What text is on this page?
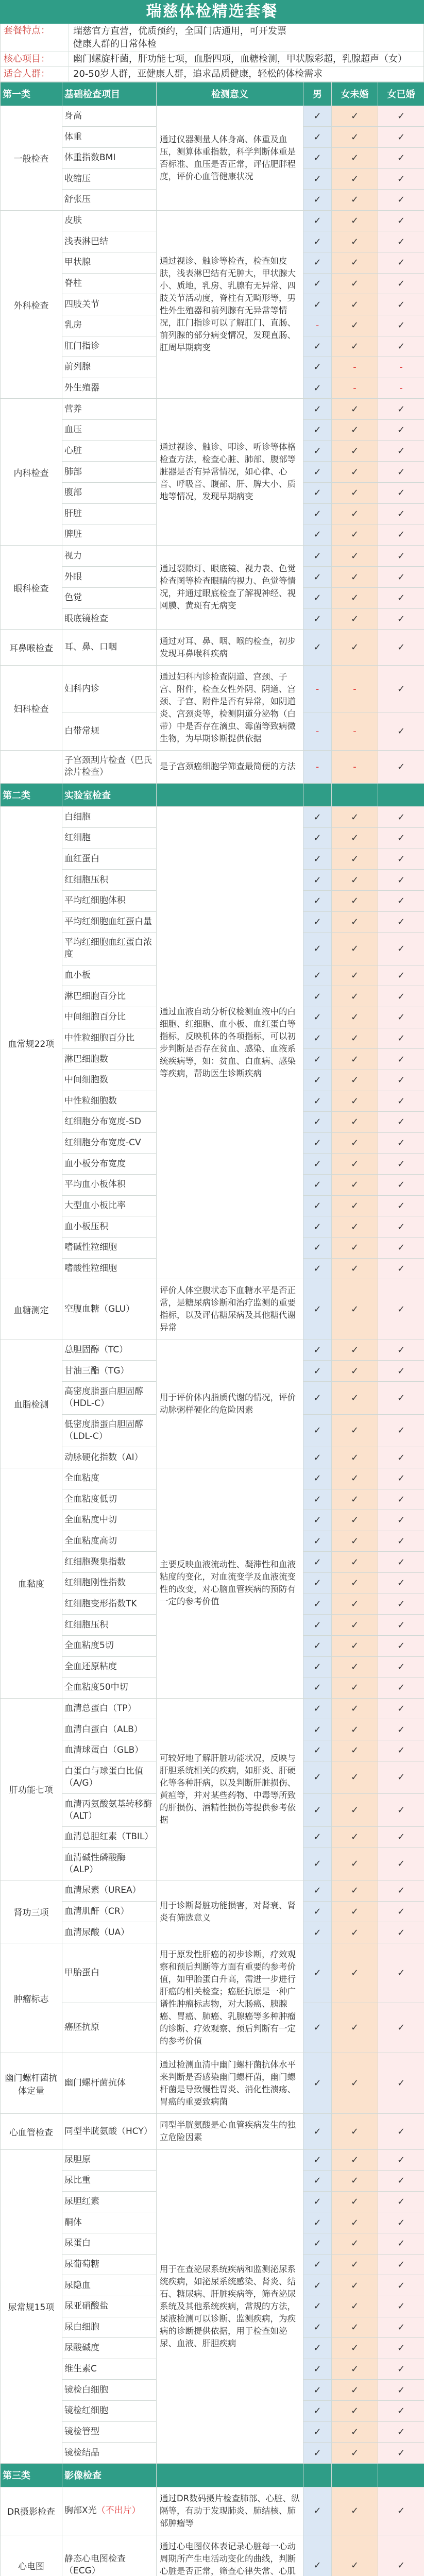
瑞慈体检精选套餐
套餐特点：	瑞慈官方直营，优质预约，全国门店通用，可开发票
健康人群的日常体检
核心项目：	幽门螺旋杆菌，肝功能七项，血脂四项，血糖检测，甲状腺彩超，乳腺超声（女）
适合人群：	20-50岁人群，亚健康人群，追求品质健康，轻松的体检需求
第一类	基础检查项目	检测意义	男	女未婚	女已婚
一般检查	身高	通过仪器测量人体身高、体重及血压，测算体重指数，科学判断体重是否标准、血压是否正常，评估肥胖程度，评价心血管健康状况	✓	✓	✓
	体重		✓	✓	✓
	体重指数BMI		✓	✓	✓
	收缩压		✓	✓	✓
	舒张压		✓	✓	✓
外科检查	皮肤	通过视诊、触诊等检查，检查如皮肤，浅表淋巴结有无肿大，甲状腺大小、质地，乳房、乳腺有无异常、四肢关节活动度，脊柱有无畸形等，男性外生殖器和前列腺有无异常等情况，肛门指诊可以了解肛门、直肠、前列腺的部分病变情况，发现直肠、肛周早期病变	✓	✓	✓
	浅表淋巴结		✓	✓	✓
	甲状腺		✓	✓	✓
	脊柱		✓	✓	✓
	四肢关节		✓	✓	✓
	乳房		-	✓	✓
	肛门指诊		✓	✓	✓
	前列腺		✓	-	-
	外生殖器		✓	-	-
内科检查	营养	通过视诊、触诊、叩诊、听诊等体格检查方法，检查心脏、肺部、腹部等脏器是否有异常情况，如心律、心音、呼吸音、腹部、肝、脾大小、质地等情况，发现早期病变	✓	✓	✓
	血压		✓	✓	✓
	心脏		✓	✓	✓
	肺部		✓	✓	✓
	腹部		✓	✓	✓
	肝脏		✓	✓	✓
	脾脏		✓	✓	✓
眼科检查	视力	通过裂隙灯、眼底镜、视力表、色觉检查图等检查眼睛的视力、色觉等情况，并通过眼底检查了解视神经、视网膜、黄斑有无病变	✓	✓	✓
	外眼		✓	✓	✓
	色觉		✓	✓	✓
	眼底镜检查		✓	✓	✓
耳鼻喉检查	耳、鼻、口咽	通过对耳、鼻、咽、喉的检查，初步发现耳鼻喉科疾病	✓	✓	✓
妇科检查	妇科内诊	通过妇科内诊检查阴道、宫颈、子宫、附件，检查女性外阴、阴道、宫颈、子宫、附件是否有异常，如阴道炎、宫颈炎等，检测阴道分泌物（白带）中是否存在滴虫、霉菌等致病微生物，为早期诊断提供依据	-	-	✓
	白带常规		-	-	✓
	子宫颈刮片检查（巴氏涂片检查）	是子宫颈癌细胞学筛查最简便的方法	-	-	✓
第二类	实验室检查				
血常规22项	白细胞	通过血液自动分析仪检测血液中的白细胞、红细胞、血小板、血红蛋白等指标，反映机体的各项指标，可以初步判断是否存在贫血、感染、血液系统疾病等，如：贫血、白血病、感染等疾病，帮助医生诊断疾病	✓	✓	✓
	红细胞		✓	✓	✓
	血红蛋白		✓	✓	✓
	红细胞压积		✓	✓	✓
	平均红细胞体积		✓	✓	✓
	平均红细胞血红蛋白量		✓	✓	✓
	平均红细胞血红蛋白浓度		✓	✓	✓
	血小板		✓	✓	✓
	淋巴细胞百分比		✓	✓	✓
	中间细胞百分比		✓	✓	✓
	中性粒细胞百分比		✓	✓	✓
	淋巴细胞数		✓	✓	✓
	中间细胞数		✓	✓	✓
	中性粒细胞数		✓	✓	✓
	红细胞分布宽度-SD		✓	✓	✓
	红细胞分布宽度-CV		✓	✓	✓
	血小板分布宽度		✓	✓	✓
	平均血小板体积		✓	✓	✓
	大型血小板比率		✓	✓	✓
	血小板压积		✓	✓	✓
	嗜碱性粒细胞		✓	✓	✓
	嗜酸性粒细胞		✓	✓	✓
血糖测定	空腹血糖（GLU）	评价人体空腹状态下血糖水平是否正常，是糖尿病诊断和治疗监测的重要指标，以及评估糖尿病及其他糖代谢异常	✓	✓	✓
血脂检测	总胆固醇（TC）	用于评价体内脂质代谢的情况，评价动脉粥样硬化的危险因素	✓	✓	✓
	甘油三酯（TG）		✓	✓	✓
	高密度脂蛋白胆固醇（HDL-C）		✓	✓	✓
	低密度脂蛋白胆固醇（LDL-C）		✓	✓	✓
	动脉硬化指数（AI）		✓	✓	✓
血黏度	全血粘度	主要反映血液流动性、凝滞性和血液粘度的变化，对血流变学及血液流变性的改变，对心脑血管疾病的预防有一定的参考价值	✓	✓	✓
	全血粘度低切		✓	✓	✓
	全血粘度中切		✓	✓	✓
	全血粘度高切		✓	✓	✓
	红细胞聚集指数		✓	✓	✓
	红细胞刚性指数		✓	✓	✓
	红细胞变形指数TK		✓	✓	✓
	红细胞压积		✓	✓	✓
	全血粘度5切		✓	✓	✓
	全血还原粘度		✓	✓	✓
	全血粘度50中切		✓	✓	✓
肝功能七项	血清总蛋白（TP）	可较好地了解肝脏功能状况，反映与肝胆系统相关的疾病，如肝炎、肝硬化等各种肝病，以及判断肝脏损伤、黄疸等，并对某些药物、中毒等所致的肝损伤、酒精性损伤等提供参考依据	✓	✓	✓
	血清白蛋白（ALB）		✓	✓	✓
	血清球蛋白（GLB）		✓	✓	✓
	白蛋白与球蛋白比值（A/G）		✓	✓	✓
	血清丙氨酸氨基转移酶（ALT）		✓	✓	✓
	血清总胆红素（TBIL）		✓	✓	✓
	血清碱性磷酸酶（ALP）		✓	✓	✓
肾功三项	血清尿素（UREA）	用于诊断肾脏功能损害，对肾衰、肾炎有筛选意义	✓	✓	✓
	血清肌酐（CR）		✓	✓	✓
	血清尿酸（UA）		✓	✓	✓
肿瘤标志	甲胎蛋白	用于原发性肝癌的初步诊断，疗效观察和预后判断等方面有重要的参考价值，如甲胎蛋白升高，需进一步进行肝癌的相关检查；癌胚抗原是一种广谱性肿瘤标志物，对大肠癌、胰腺癌、胃癌、肺癌、乳腺癌等多种肿瘤的诊断、疗效观察、预后判断有一定的参考价值	✓	✓	✓
	癌胚抗原		✓	✓	✓
幽门螺杆菌抗体定量	幽门螺杆菌抗体	通过检测血清中幽门螺杆菌抗体水平来判断是否感染幽门螺杆菌，幽门螺杆菌是导致慢性胃炎、消化性溃疡、胃癌的重要致病菌	✓	✓	✓
心血管检查	同型半胱氨酸（HCY）	同型半胱氨酸是心血管疾病发生的独立危险因素	✓	✓	✓
尿常规15项	尿胆原	用于在查泌尿系统疾病和监测泌尿系统疾病，如泌尿系统感染、肾炎、结石、糖尿病、肝脏疾病等，筛查泌尿系统及其他系统疾病，常规的方法，尿液检测可以诊断、监测疾病，为疾病的诊断提供依据，用于检查如泌尿、血液、肝胆疾病	✓	✓	✓
	尿比重		✓	✓	✓
	尿胆红素		✓	✓	✓
	酮体		✓	✓	✓
	尿蛋白		✓	✓	✓
	尿葡萄糖		✓	✓	✓
	尿隐血		✓	✓	✓
	尿亚硝酸盐		✓	✓	✓
	尿白细胞		✓	✓	✓
	尿酸碱度		✓	✓	✓
	维生素C		✓	✓	✓
	镜检白细胞		✓	✓	✓
	镜检红细胞		✓	✓	✓
	镜检管型		✓	✓	✓
	镜检结晶		✓	✓	✓
第三类	影像检查				
DR摄影检查	胸部X光（不出片）	通过DR数码摄片检查肺部、心脏、纵隔等，有助于发现肺炎、肺结核、肺部肿瘤等	✓	✓	✓
心电图	静态心电图检查（ECG）	通过心电图仪体表记录心脏每一心动周期所产生电活动变化的曲线，判断心脏是否正常，筛查心律失常、心肌	✓	✓	✓
